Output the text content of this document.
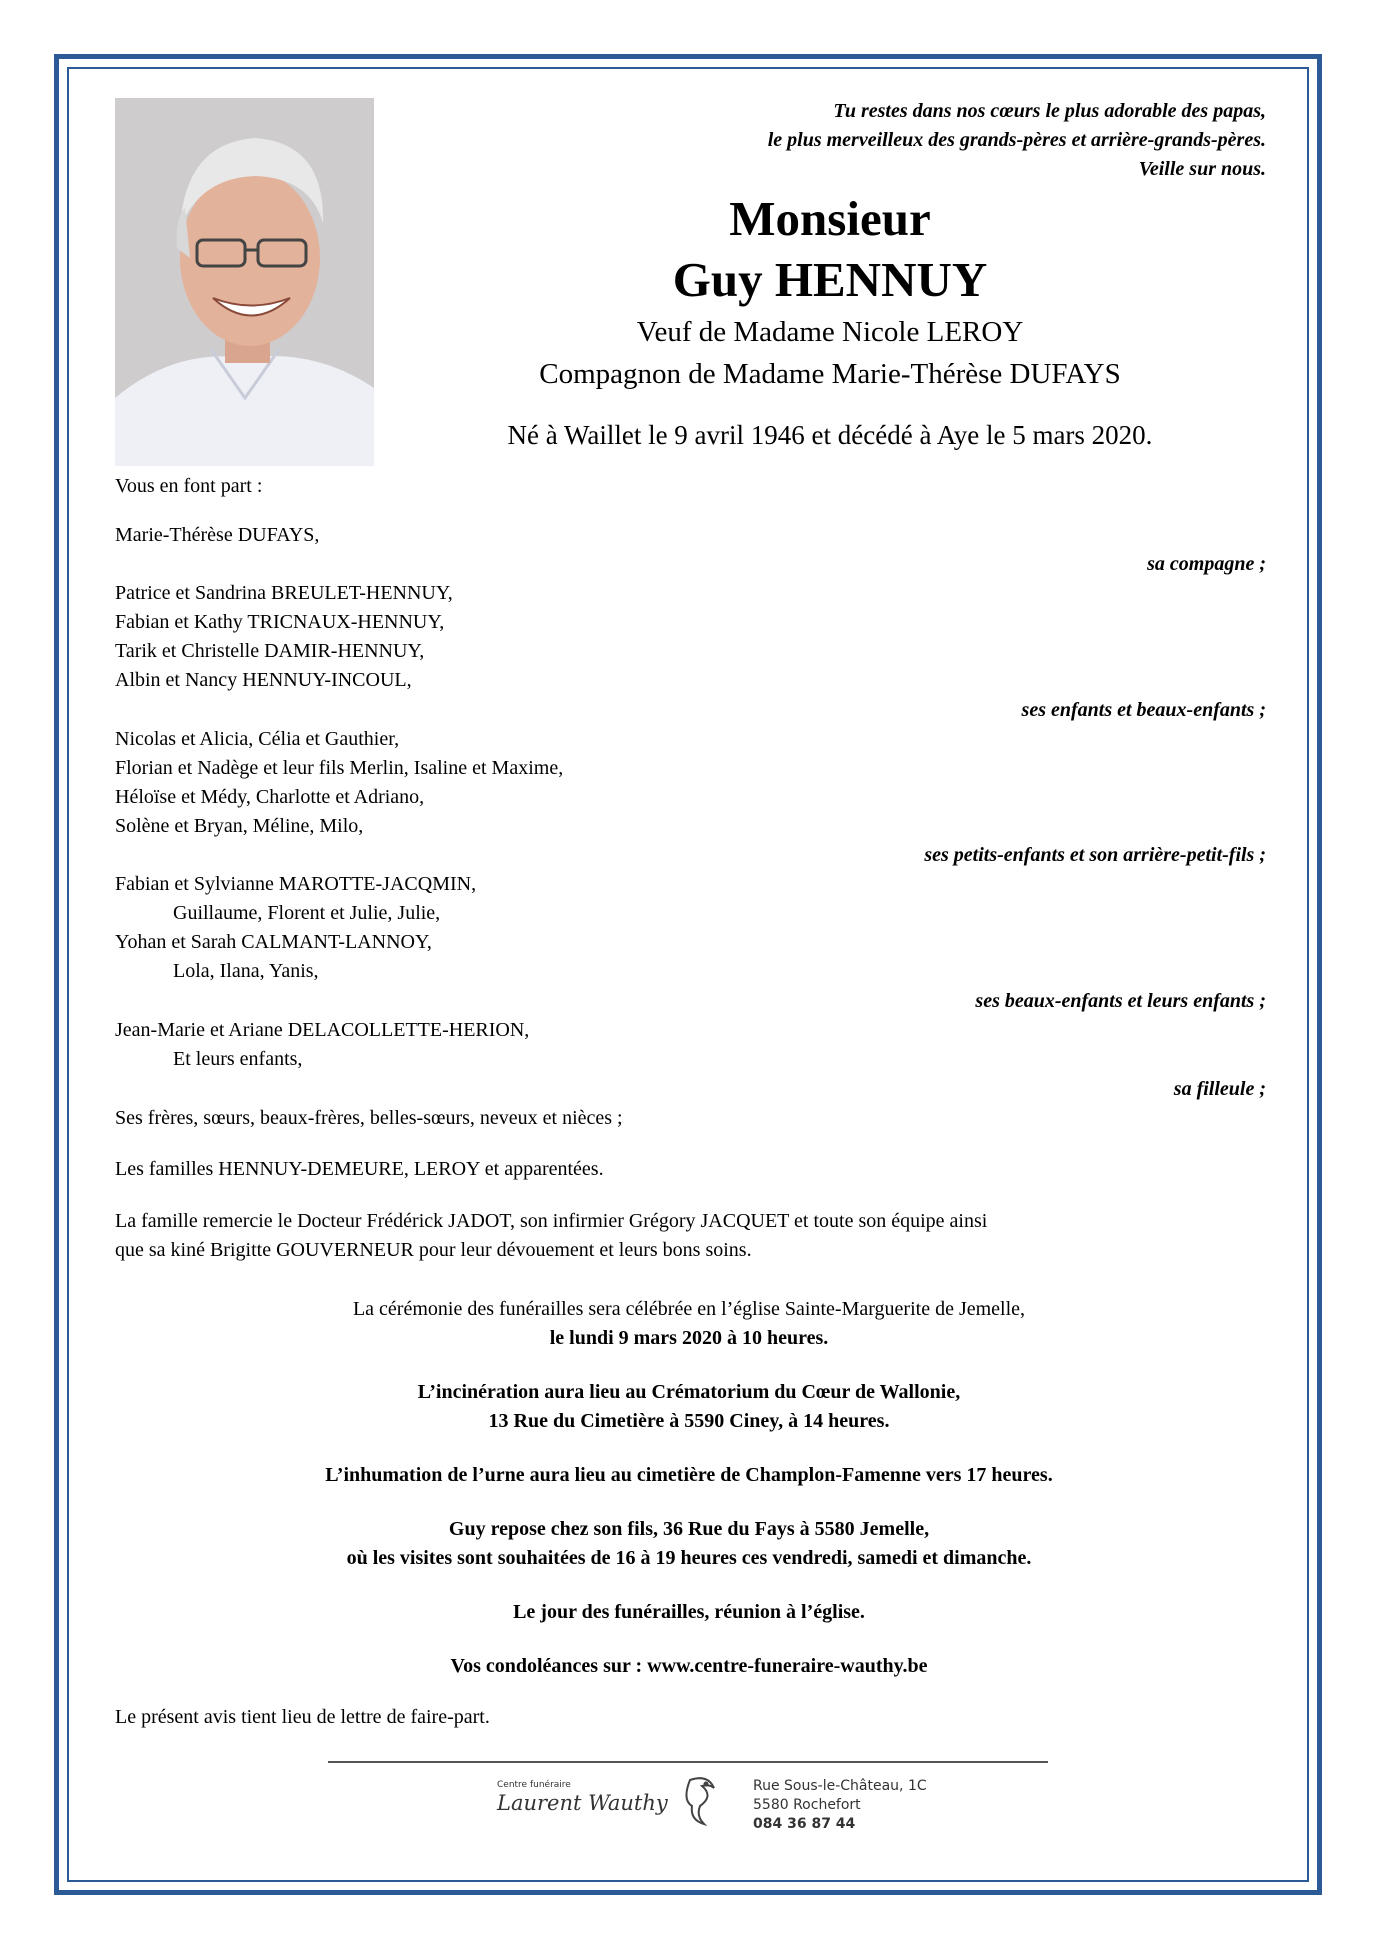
Tu restes dans nos cœurs le plus adorable des papas,
le plus merveilleux des grands-pères et arrière-grands-pères.
Veille sur nous.
Monsieur
Guy HENNUY
Veuf de Madame Nicole LEROY
Compagnon de Madame Marie-Thérèse DUFAYS
Né à Waillet le 9 avril 1946 et décédé à Aye le 5 mars 2020.
Vous en font part :
Marie-Thérèse DUFAYS,
sa compagne ;
Patrice et Sandrina BREULET-HENNUY,
Fabian et Kathy TRICNAUX-HENNUY,
Tarik et Christelle DAMIR-HENNUY,
Albin et Nancy HENNUY-INCOUL,
ses enfants et beaux-enfants ;
Nicolas et Alicia, Célia et Gauthier,
Florian et Nadège et leur fils Merlin, Isaline et Maxime,
Héloïse et Médy, Charlotte et Adriano,
Solène et Bryan, Méline, Milo,
ses petits-enfants et son arrière-petit-fils ;
Fabian et Sylvianne MAROTTE-JACQMIN,
Guillaume, Florent et Julie, Julie,
Yohan et Sarah CALMANT-LANNOY,
Lola, Ilana, Yanis,
ses beaux-enfants et leurs enfants ;
Jean-Marie et Ariane DELACOLLETTE-HERION,
Et leurs enfants,
sa filleule ;
Ses frères, sœurs, beaux-frères, belles-sœurs, neveux et nièces ;
Les familles HENNUY-DEMEURE, LEROY et apparentées.
La famille remercie le Docteur Frédérick JADOT, son infirmier Grégory JACQUET et toute son équipe ainsi
que sa kiné Brigitte GOUVERNEUR pour leur dévouement et leurs bons soins.
La cérémonie des funérailles sera célébrée en l’église Sainte-Marguerite de Jemelle,
le lundi 9 mars 2020 à 10 heures.
L’incinération aura lieu au Crématorium du Cœur de Wallonie,
13 Rue du Cimetière à 5590 Ciney, à 14 heures.
L’inhumation de l’urne aura lieu au cimetière de Champlon-Famenne vers 17 heures.
Guy repose chez son fils, 36 Rue du Fays à 5580 Jemelle,
où les visites sont souhaitées de 16 à 19 heures ces vendredi, samedi et dimanche.
Le jour des funérailles, réunion à l’église.
Vos condoléances sur : www.centre-funeraire-wauthy.be
Le présent avis tient lieu de lettre de faire-part.
Centre funéraire
Laurent Wauthy
Rue Sous-le-Château, 1C
5580 Rochefort
084 36 87 44
